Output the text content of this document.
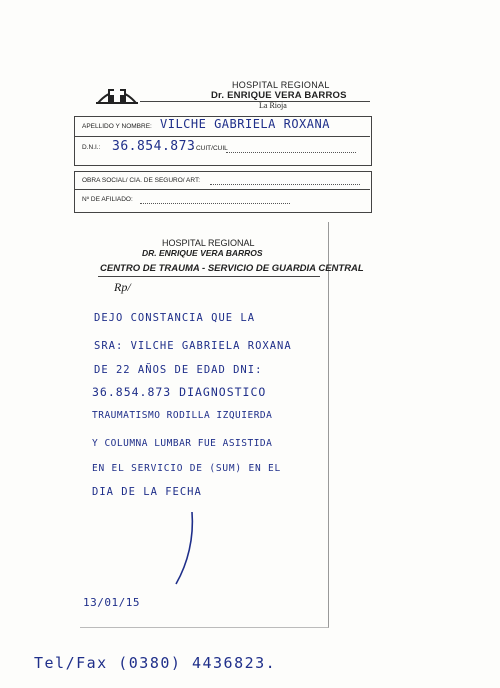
HOSPITAL REGIONAL
Dr. ENRIQUE VERA BARROS
La Rioja
APELLIDO Y NOMBRE: VILCHE GABRIELA ROXANA
D.N.I.: 36.854.873
- CUIT/CUIL
OBRA SOCIAL/ CIA. DE SEGURO/ ART:
Nº DE AFILIADO:
HOSPITAL REGIONAL
DR. ENRIQUE VERA BARROS
CENTRO DE TRAUMA - SERVICIO DE GUARDIA CENTRAL
Rp/
DEJO CONSTANCIA QUE LA
SRA: VILCHE GABRIELA ROXANA
DE 22 AÑOS DE EDAD DNI:
36.854.873 DIAGNOSTICO
TRAUMATISMO RODILLA IZQUIERDA
Y COLUMNA LUMBAR FUE ASISTIDA
EN EL SERVICIO DE (SUM) EN EL
DIA DE LA FECHA
13/01/15
Tel/Fax (0380) 4436823.
